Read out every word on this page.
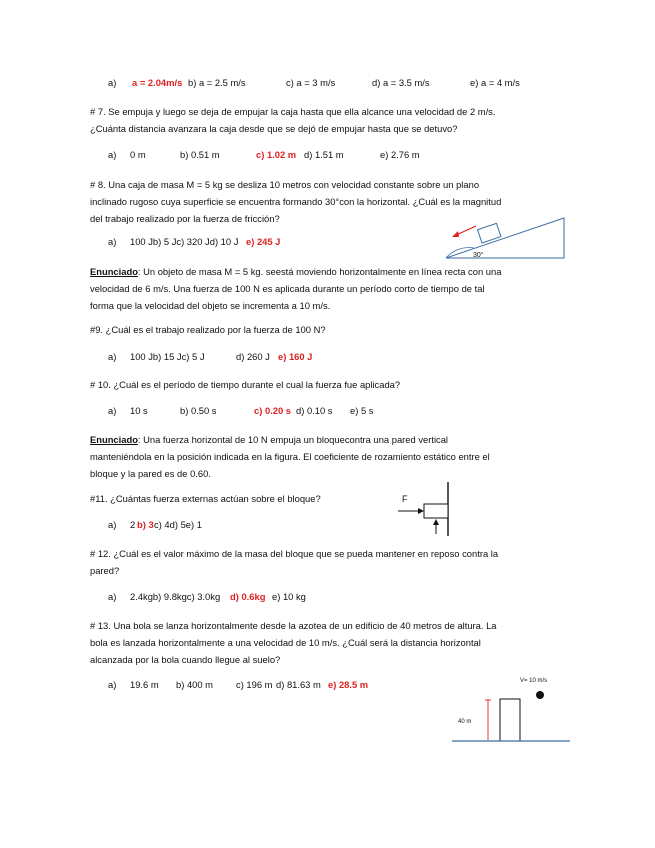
a) a = 2.04m/s b) a = 2.5 m/s	c) a = 3 m/s	d) a = 3.5 m/s	e) a = 4 m/s
# 7. Se empuja y luego se deja de empujar la caja hasta que ella alcance una velocidad de 2 m/s.
¿Cuánta distancia avanzara la caja desde que se dejó de empujar hasta que se detuvo?
a) 0 m	b) 0.51 m	c) 1.02 m d) 1.51 m	e) 2.76 m
# 8. Una caja de masa M = 5 kg se desliza 10 metros con velocidad constante sobre un plano
inclinado rugoso cuya superficie se encuentra formando 30°con la horizontal. ¿Cuál es la magnitud
del trabajo realizado por la fuerza de fricción?
a) 100 Jb) 5 Jc) 320 Jd) 10 J e) 245 J
30°
Enunciado: Un objeto de masa M = 5 kg. seestá moviendo horizontalmente en línea recta con una
velocidad de 6 m/s. Una fuerza de 100 N es aplicada durante un período corto de tiempo de tal
forma que la velocidad del objeto se incrementa a 10 m/s.
#9. ¿Cuál es el trabajo realizado por la fuerza de 100 N?
a) 100 Jb) 15 Jc) 5 J	d) 260 J e) 160 J
# 10. ¿Cuál es el período de tiempo durante el cual la fuerza fue aplicada?
a) 10 s	b) 0.50 s	c) 0.20 s d) 0.10 s e) 5 s
Enunciado: Una fuerza horizontal de 10 N empuja un bloquecontra una pared vertical
manteniéndola en la posición indicada en la figura. El coeficiente de rozamiento estático entre el
bloque y la pared es de 0.60.
#11. ¿Cuántas fuerza externas actúan sobre el bloque?
a) 2 b) 3 c) 4d) 5e) 1
F
# 12. ¿Cuál es el valor máximo de la masa del bloque que se pueda mantener en reposo contra la
pared?
a) 2.4kgb) 9.8kgc) 3.0kg d) 0.6kg e) 10 kg
# 13. Una bola se lanza horizontalmente desde la azotea de un edificio de 40 metros de altura. La
bola es lanzada horizontalmente a una velocidad de 10 m/s. ¿Cuál será la distancia horizontal
alcanzada por la bola cuando llegue al suelo?
a) 19.6 m b) 400 m c) 196 m d) 81.63 m e) 28.5 m	V= 10 m/s
40 m
